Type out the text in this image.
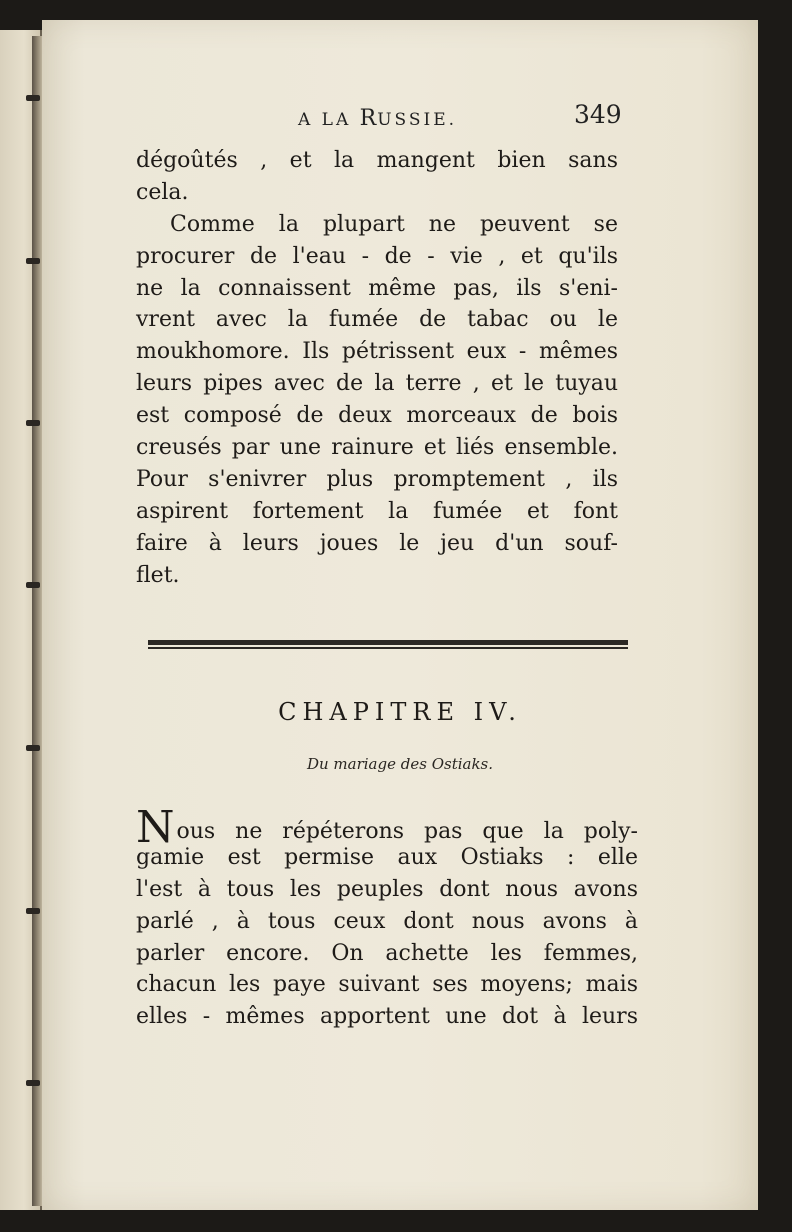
A LA RUSSIE.	349
dégoûtés , et la mangent bien sans
cela.
Comme la plupart ne peuvent se
procurer de l'eau - de - vie , et qu'ils
ne la connaissent même pas, ils s'eni-
vrent avec la fumée de tabac ou le
moukhomore. Ils pétrissent eux - mêmes
leurs pipes avec de la terre , et le tuyau
est composé de deux morceaux de bois
creusés par une rainure et liés ensemble.
Pour s'enivrer plus promptement , ils
aspirent fortement la fumée et font
faire à leurs joues le jeu d'un souf-
flet.
CHAPITRE IV.
Du mariage des Ostiaks.
Nous ne répéterons pas que la poly-
gamie est permise aux Ostiaks : elle
l'est à tous les peuples dont nous avons
parlé , à tous ceux dont nous avons à
parler encore. On achette les femmes,
chacun les paye suivant ses moyens; mais
elles - mêmes apportent une dot à leurs
